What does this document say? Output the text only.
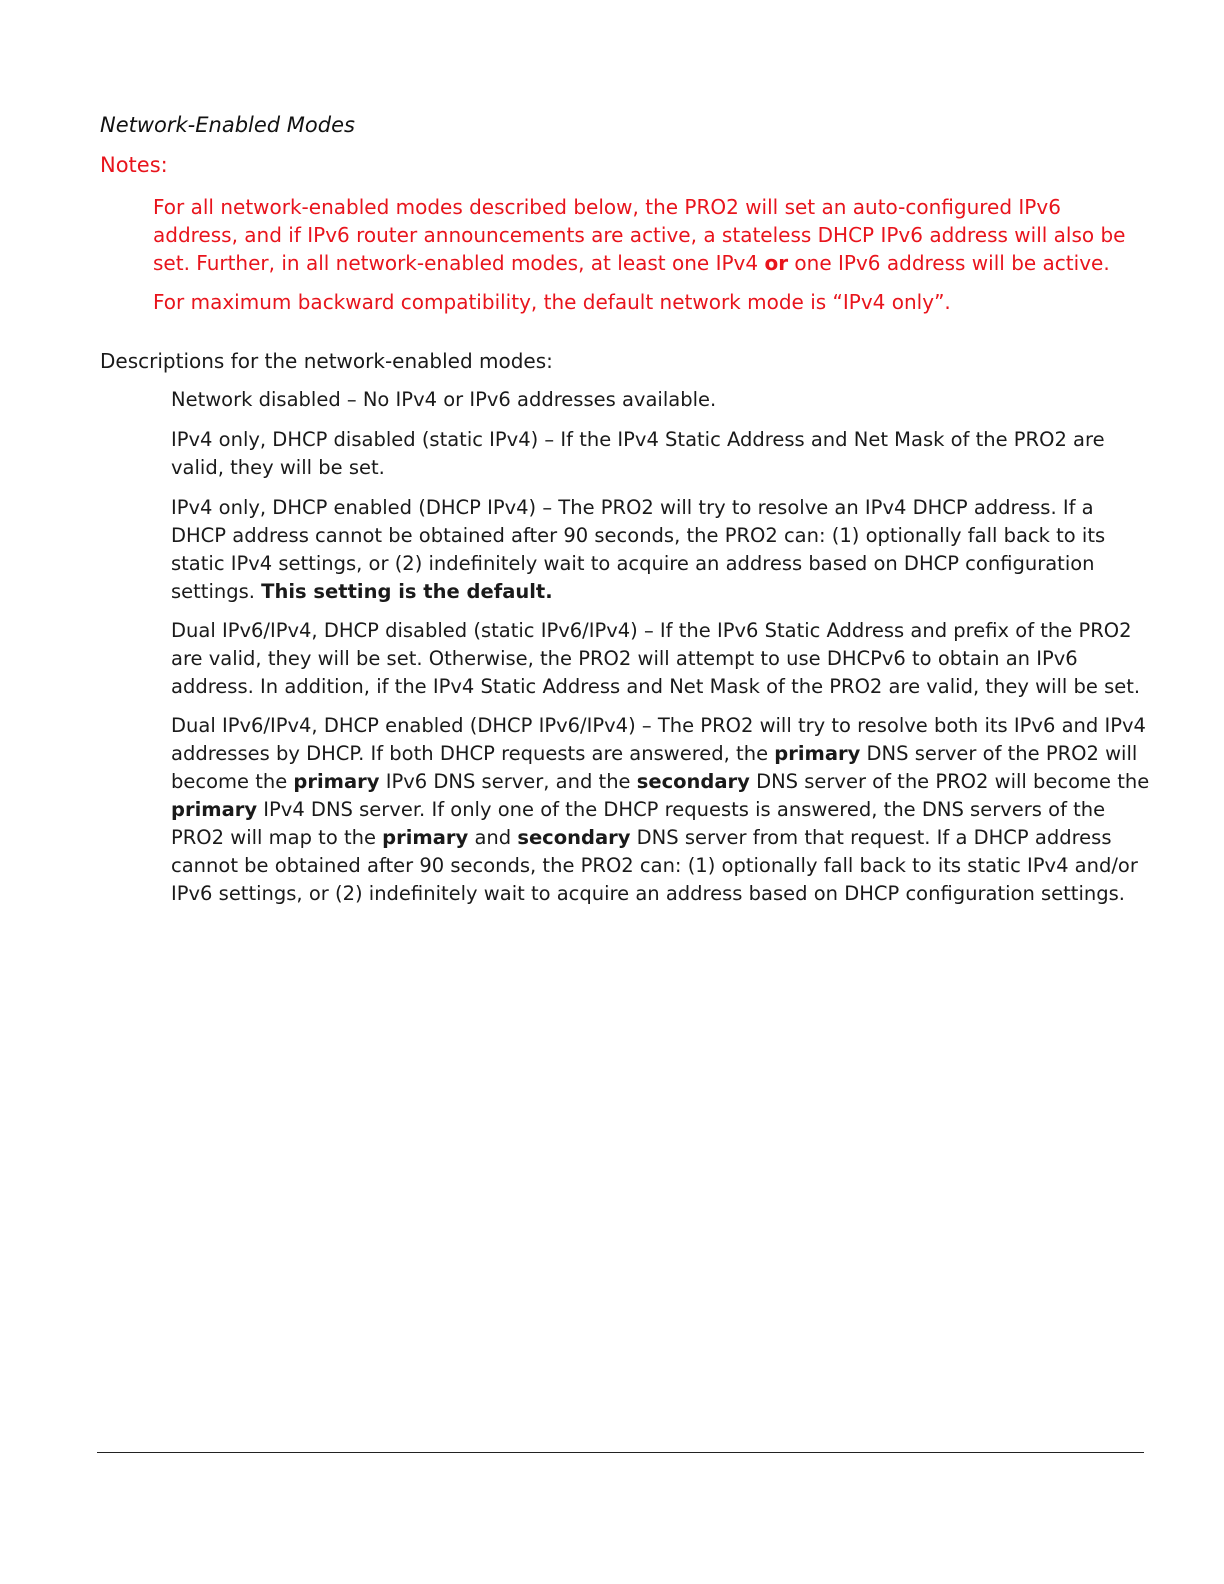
Network-Enabled Modes
Notes:

For all network-enabled modes described below, the PRO2 will set an auto-configured IPv6 address, and if IPv6 router announcements are active, a stateless DHCP IPv6 address will also be set. Further, in all network-enabled modes, at least one IPv4 or one IPv6 address will be active.

For maximum backward compatibility, the default network mode is “IPv4 only”.

Descriptions for the network-enabled modes:

Network disabled – No IPv4 or IPv6 addresses available.

IPv4 only, DHCP disabled (static IPv4) – If the IPv4 Static Address and Net Mask of the PRO2 are valid, they will be set.

IPv4 only, DHCP enabled (DHCP IPv4) – The PRO2 will try to resolve an IPv4 DHCP address. If a DHCP address cannot be obtained after 90 seconds, the PRO2 can: (1) optionally fall back to its static IPv4 settings, or (2) indefinitely wait to acquire an address based on DHCP configuration settings. This setting is the default.

Dual IPv6/IPv4, DHCP disabled (static IPv6/IPv4) – If the IPv6 Static Address and prefix of the PRO2 are valid, they will be set. Otherwise, the PRO2 will attempt to use DHCPv6 to obtain an IPv6 address. In addition, if the IPv4 Static Address and Net Mask of the PRO2 are valid, they will be set.

Dual IPv6/IPv4, DHCP enabled (DHCP IPv6/IPv4) – The PRO2 will try to resolve both its IPv6 and IPv4 addresses by DHCP. If both DHCP requests are answered, the primary DNS server of the PRO2 will become the primary IPv6 DNS server, and the secondary DNS server of the PRO2 will become the primary IPv4 DNS server. If only one of the DHCP requests is answered, the DNS servers of the PRO2 will map to the primary and secondary DNS server from that request. If a DHCP address cannot be obtained after 90 seconds, the PRO2 can: (1) optionally fall back to its static IPv4 and/or IPv6 settings, or (2) indefinitely wait to acquire an address based on DHCP configuration settings.
